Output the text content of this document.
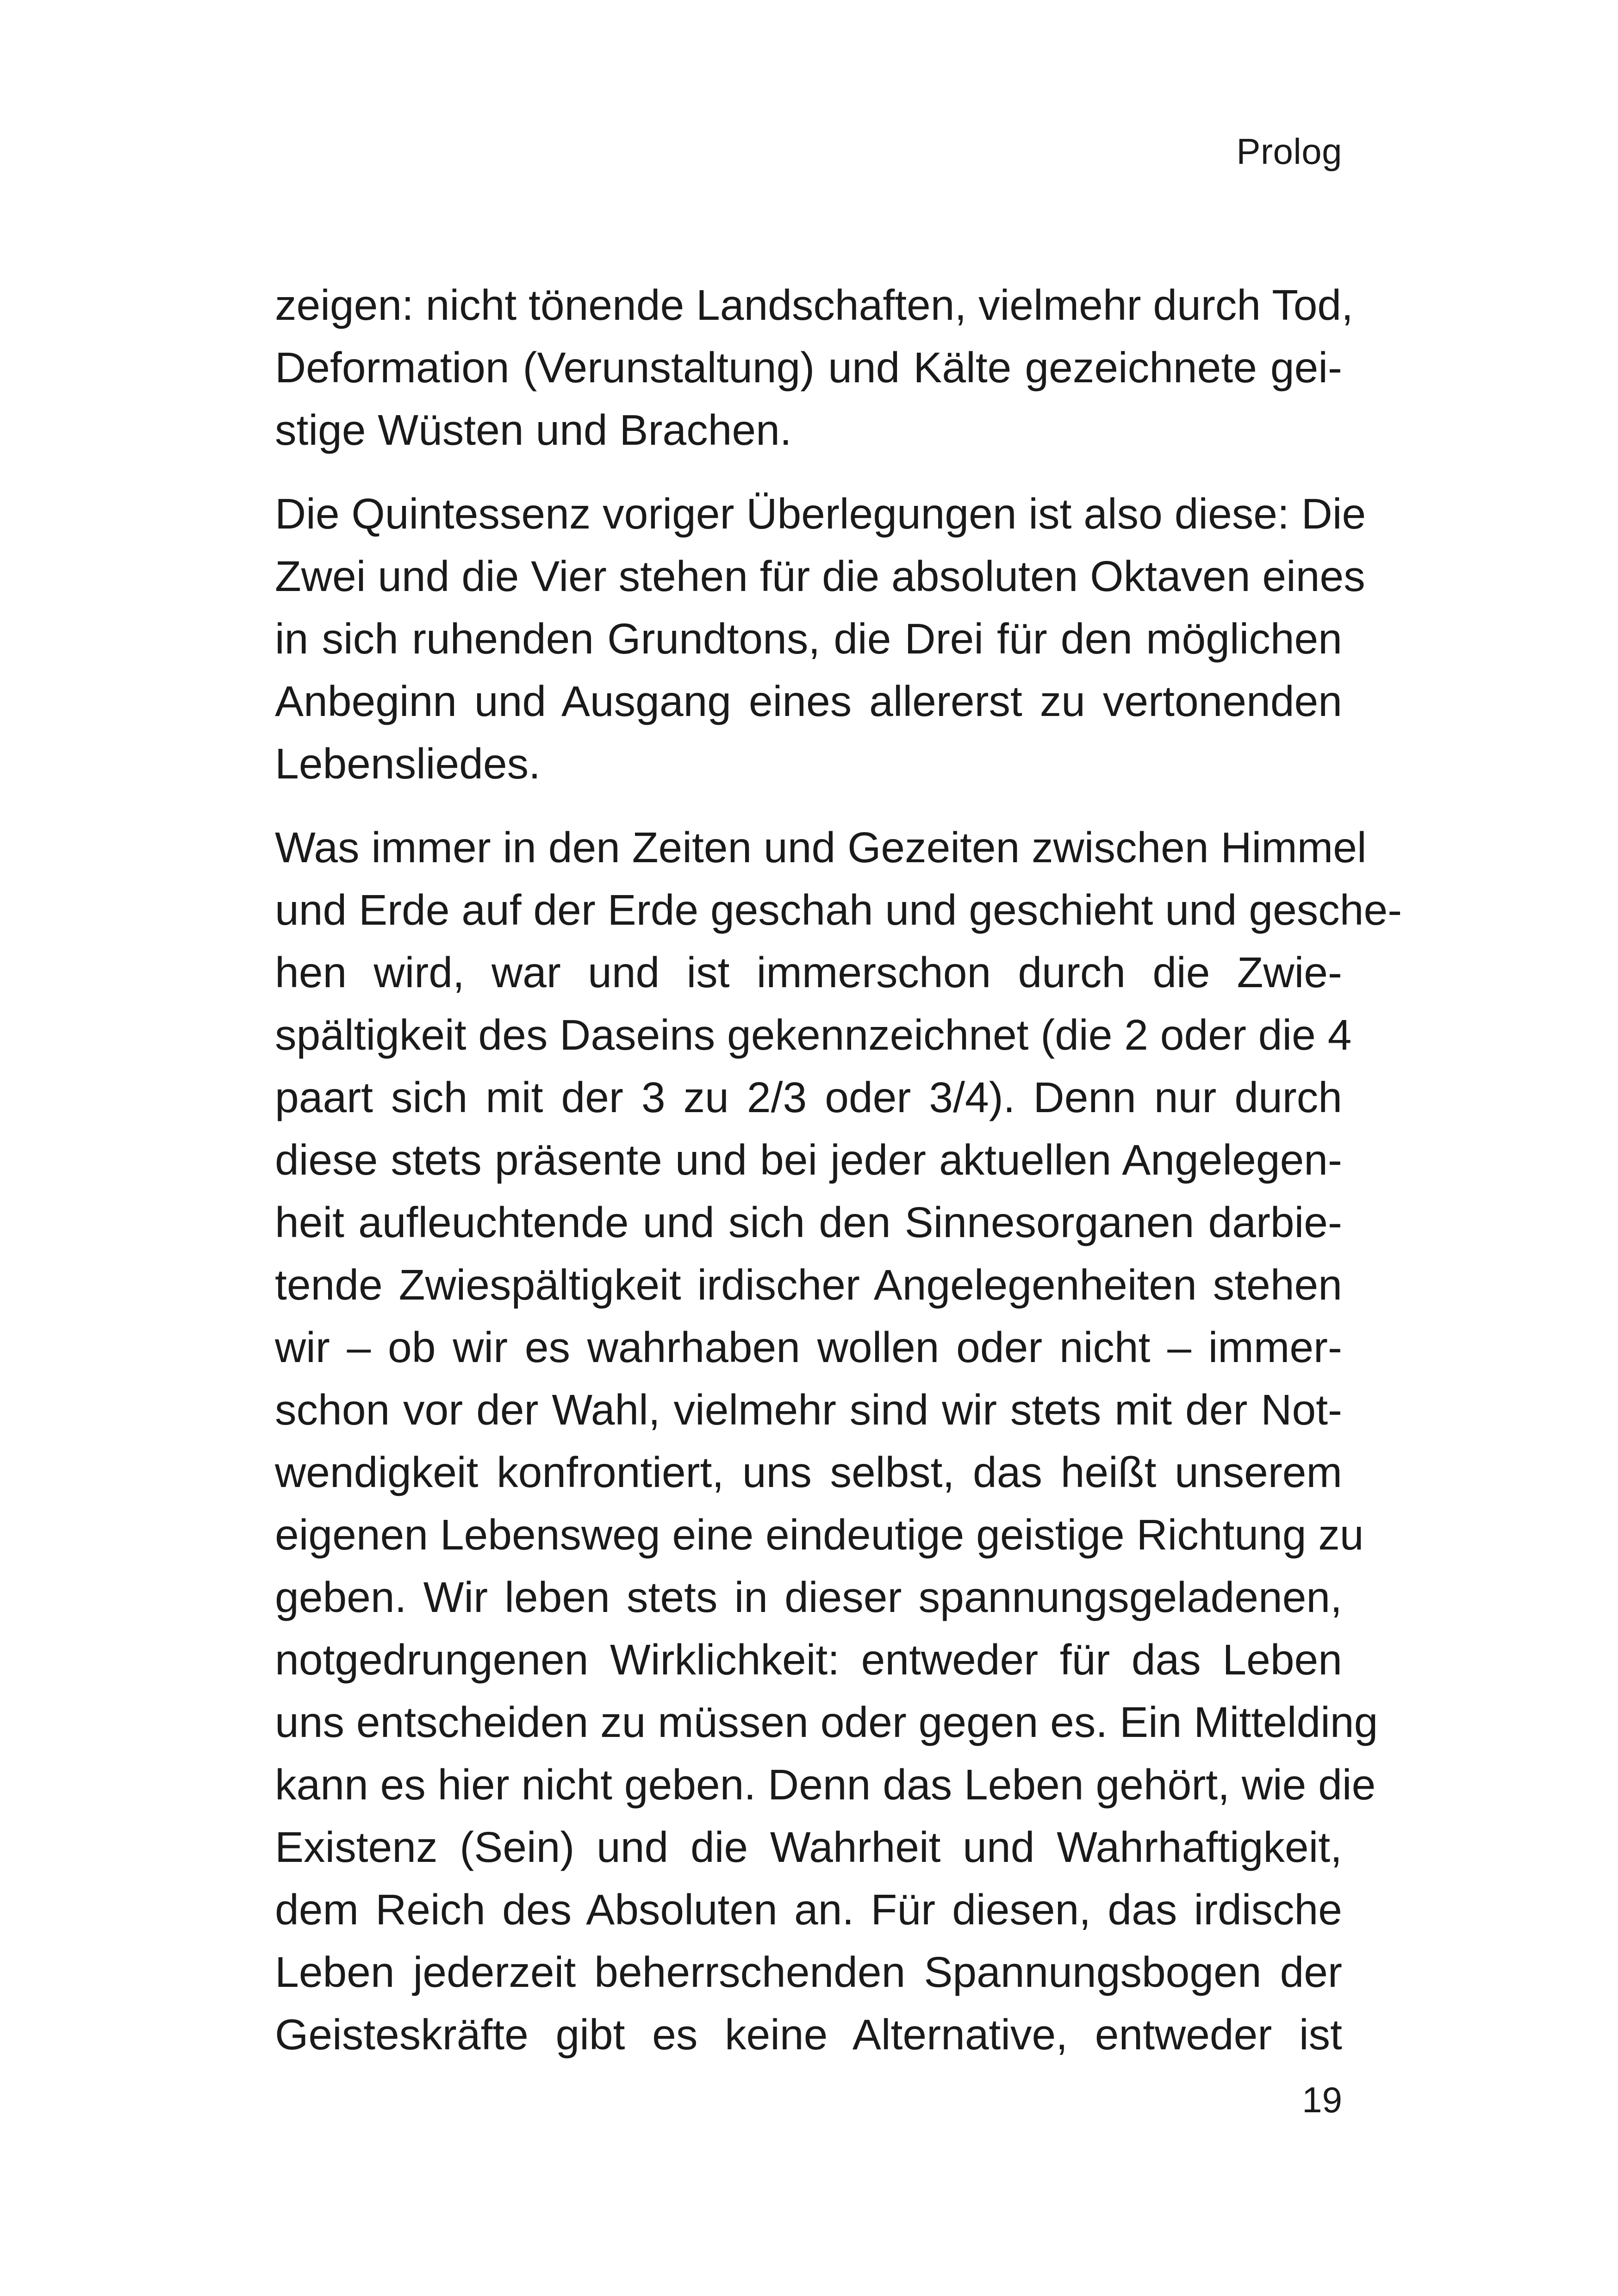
Prolog
zeigen: nicht tönende Landschaften, vielmehr durch Tod,
Deformation (Verunstaltung) und Kälte gezeichnete gei-
stige Wüsten und Brachen.
Die Quintessenz voriger Überlegungen ist also diese: Die
Zwei und die Vier stehen für die absoluten Oktaven eines
in sich ruhenden Grundtons, die Drei für den möglichen
Anbeginn und Ausgang eines allererst zu vertonenden
Lebensliedes.
Was immer in den Zeiten und Gezeiten zwischen Himmel
und Erde auf der Erde geschah und geschieht und gesche-
hen wird, war und ist immerschon durch die Zwie-
spältigkeit des Daseins gekennzeichnet (die 2 oder die 4
paart sich mit der 3 zu 2/3 oder 3/4). Denn nur durch
diese stets präsente und bei jeder aktuellen Angelegen-
heit aufleuchtende und sich den Sinnesorganen darbie-
tende Zwiespältigkeit irdischer Angelegenheiten stehen
wir – ob wir es wahrhaben wollen oder nicht – immer-
schon vor der Wahl, vielmehr sind wir stets mit der Not-
wendigkeit konfrontiert, uns selbst, das heißt unserem
eigenen Lebensweg eine eindeutige geistige Richtung zu
geben. Wir leben stets in dieser spannungsgeladenen,
notgedrungenen Wirklichkeit: entweder für das Leben
uns entscheiden zu müssen oder gegen es. Ein Mittelding
kann es hier nicht geben. Denn das Leben gehört, wie die
Existenz (Sein) und die Wahrheit und Wahrhaftigkeit,
dem Reich des Absoluten an. Für diesen, das irdische
Leben jederzeit beherrschenden Spannungsbogen der
Geisteskräfte gibt es keine Alternative, entweder ist
19
